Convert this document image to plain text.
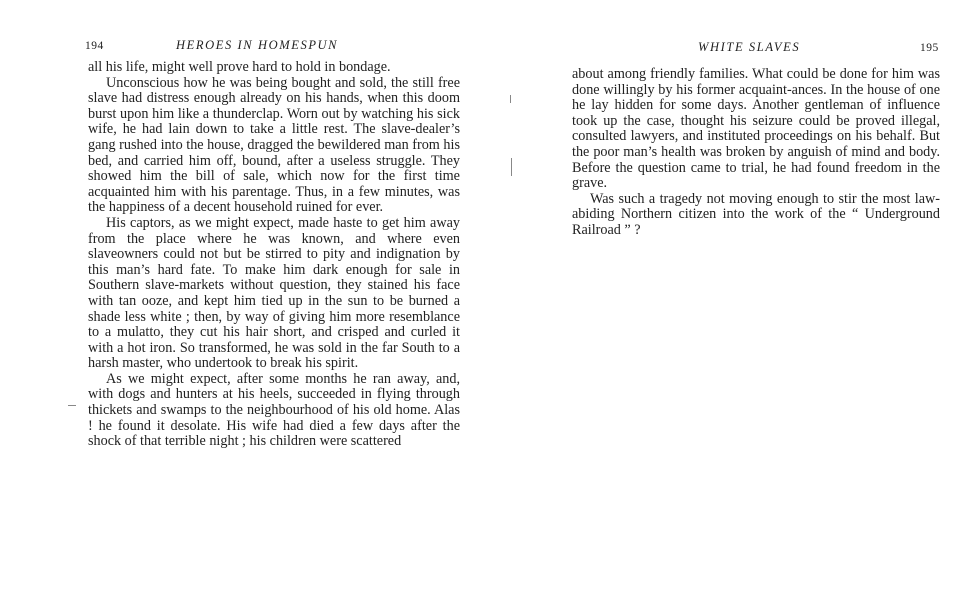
194	HEROES IN HOMESPUN

all his life, might well prove hard to hold in bondage.

Unconscious how he was being bought and sold, the still free slave had distress enough already on his hands, when this doom burst upon him like a thunderclap. Worn out by watching his sick wife, he had lain down to take a little rest. The slave-dealer’s gang rushed into the house, dragged the bewildered man from his bed, and carried him off, bound, after a useless struggle. They showed him the bill of sale, which now for the first time acquainted him with his parentage. Thus, in a few minutes, was the happiness of a decent household ruined for ever.

His captors, as we might expect, made haste to get him away from the place where he was known, and where even slaveowners could not but be stirred to pity and indignation by this man’s hard fate. To make him dark enough for sale in Southern slave-markets without question, they stained his face with tan ooze, and kept him tied up in the sun to be burned a shade less white ; then, by way of giving him more resemblance to a mulatto, they cut his hair short, and crisped and curled it with a hot iron. So transformed, he was sold in the far South to a harsh master, who undertook to break his spirit.

As we might expect, after some months he ran away, and, with dogs and hunters at his heels, succeeded in flying through thickets and swamps to the neighbourhood of his old home. Alas ! he found it desolate. His wife had died a few days after the shock of that terrible night ; his children were scattered

WHITE SLAVES	195

about among friendly families. What could be done for him was done willingly by his former acquaint-ances. In the house of one he lay hidden for some days. Another gentleman of influence took up the case, thought his seizure could be proved illegal, consulted lawyers, and instituted proceedings on his behalf. But the poor man’s health was broken by anguish of mind and body. Before the question came to trial, he had found freedom in the grave.

Was such a tragedy not moving enough to stir the most law-abiding Northern citizen into the work of the “ Underground Railroad ” ?
